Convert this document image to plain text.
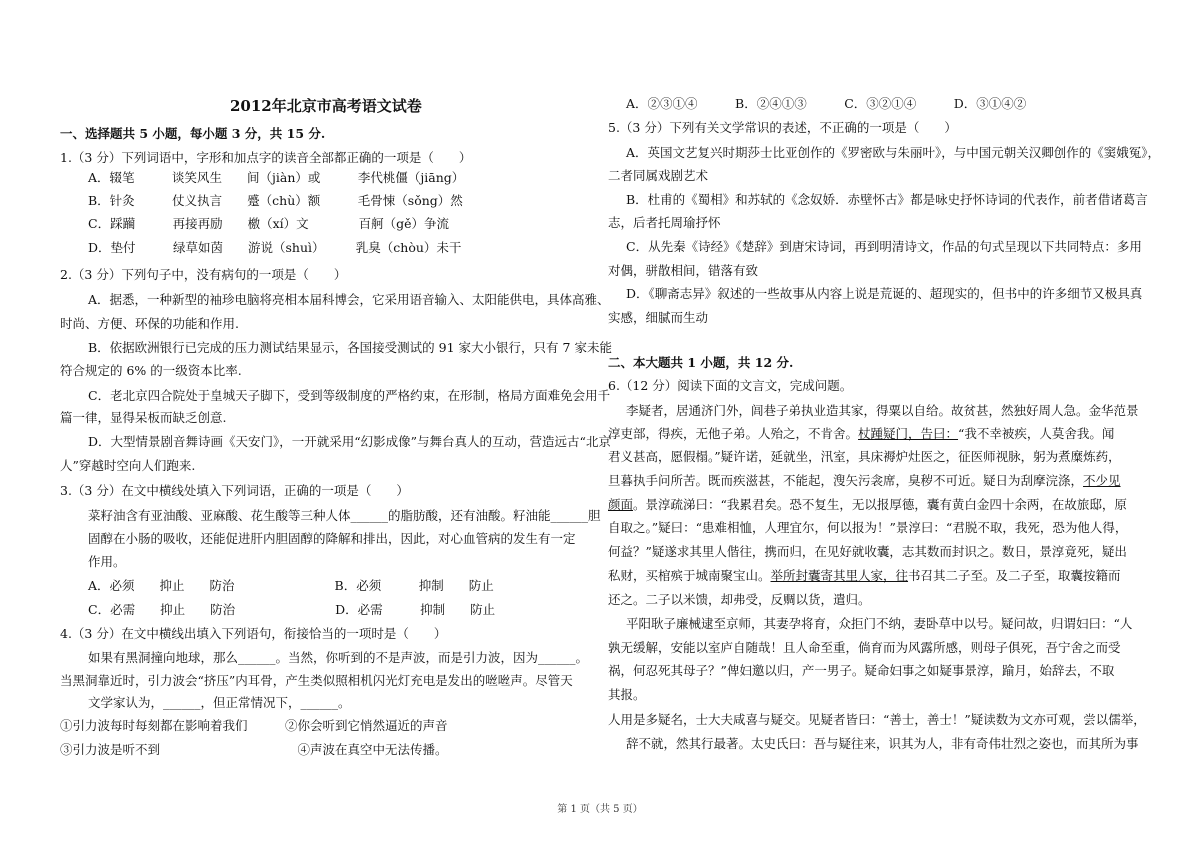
2012年北京市高考语文试卷
一、选择题共 5 小题，每小题 3 分，共 15 分.
1.（3 分）下列词语中，字形和加点字的读音全部都正确的一项是（　　）
A．辍笔　　　谈笑风生　　间（jiàn）或　　　李代桃僵（jiāng）
B．针灸　　　仗义执言　　蹙（chù）额　　　毛骨悚（sǒng）然
C．踩躏　　　再接再励　　檄（xí）文　　　　百舸（gě）争流
D．垫付　　　绿草如茵　　游说（shuì）　　　乳臭（chòu）未干
2.（3 分）下列句子中，没有病句的一项是（　　）
A．据悉，一种新型的袖珍电脑将亮相本届科博会，它采用语音输入、太阳能供电，具体高雅、
时尚、方便、环保的功能和作用.
B．依据欧洲银行已完成的压力测试结果显示，各国接受测试的 91 家大小银行，只有 7 家未能
符合规定的 6% 的一级资本比率.
C．老北京四合院处于皇城天子脚下，受到等级制度的严格约束，在形制，格局方面难免会用千
篇一律，显得呆板而缺乏创意.
D．大型情景剧音舞诗画《天安门》，一开就采用“幻影成像”与舞台真人的互动，营造远古“北京
人”穿越时空向人们跑来.
3.（3 分）在文中横线处填入下列词语，正确的一项是（　　）
菜籽油含有亚油酸、亚麻酸、花生酸等三种人体______的脂肪酸，还有油酸。籽油能______胆
固醇在小肠的吸收，还能促进肝内胆固醇的降解和排出，因此，对心血管病的发生有一定
作用。
A．必须　　抑止　　防治　　　　　　　　B．必须　　　抑制　　防止
C．必需　　抑止　　防治　　　　　　　　D．必需　　　抑制　　防止
4.（3 分）在文中横线出填入下列语句，衔接恰当的一项时是（　　）
如果有黑洞撞向地球，那么______。当然，你听到的不是声波，而是引力波，因为______。
当黑洞靠近时，引力波会“挤压”内耳骨，产生类似照相机闪光灯充电是发出的咝咝声。尽管天
文学家认为，______，但正常情况下，______。
①引力波每时每刻都在影响着我们　　　②你会听到它悄然逼近的声音
③引力波是听不到　　　　　　　　　　　④声波在真空中无法传播。
A．②③①④　　　B．②④①③　　　C．③②①④　　　D．③①④②
5.（3 分）下列有关文学常识的表述，不正确的一项是（　　）
A．英国文艺复兴时期莎士比亚创作的《罗密欧与朱丽叶》，与中国元朝关汉卿创作的《窦娥冤》，
二者同属戏剧艺术
B．杜甫的《蜀相》和苏轼的《念奴娇．赤壁怀古》都是咏史抒怀诗词的代表作，前者借诸葛言
志，后者托周瑜抒怀
C．从先秦《诗经》《楚辞》到唐宋诗词，再到明清诗文，作品的句式呈现以下共同特点：多用
对偶，骈散相间，错落有致
D．《聊斋志异》叙述的一些故事从内容上说是荒诞的、超现实的，但书中的许多细节又极具真
实感，细腻而生动
二、本大题共 1 小题，共 12 分.
6.（12 分）阅读下面的文言文，完成问题。
李疑者，居通济门外，闾巷子弟执业造其家，得粟以自给。故贫甚，然独好周人急。金华范景
淳吏部，得疾，无他子弟。人殆之，不肯舍。杖踵疑门，告曰：“我不幸被疾，人莫舍我。闻
君义甚高，愿假榻。”疑许诺，延就坐，汛室，具床褥炉灶医之，征医师视脉，躬为煮糜炼药，
旦暮执手问所苦。既而疾滋甚，不能起，溲矢污衾席，臭秽不可近。疑日为刮摩浣涤，不少见
颜面。景淳疏涕曰：“我累君矣。恐不复生，无以报厚德，囊有黄白金四十余两，在故旅邸，原
自取之。”疑曰：“患难相恤，人理宜尔，何以报为！”景淳曰：“君脱不取，我死，恐为他人得，
何益？”疑遂求其里人偕往，携而归，在见好就收囊，志其数而封识之。数日，景淳竟死，疑出
私财，买棺殡于城南聚宝山。举所封囊寄其里人家，往书召其二子至。及二子至，取囊按籍而
还之。二子以米馈，却弗受，反赒以货，遣归。
平阳耿子廉械逮至京师，其妻孕将育，众拒门不纳，妻卧草中以号。疑问故，归谓妇曰：“人
孰无缓解，安能以室庐自随哉！且人命至重，倘育而为风露所感，则母子俱死，吾宁舍之而受
祸，何忍死其母子？”俾妇邀以归，产一男子。疑命妇事之如疑事景淳，踰月，始辞去，不取
其报。
人用是多疑名，士大夫咸喜与疑交。见疑者皆曰：“善士，善士！”疑读数为文亦可观，尝以儒举，
辞不就，然其行最著。太史氏曰：吾与疑往来，识其为人，非有奇伟壮烈之姿也，而其所为事
第 1 页（共 5 页）
